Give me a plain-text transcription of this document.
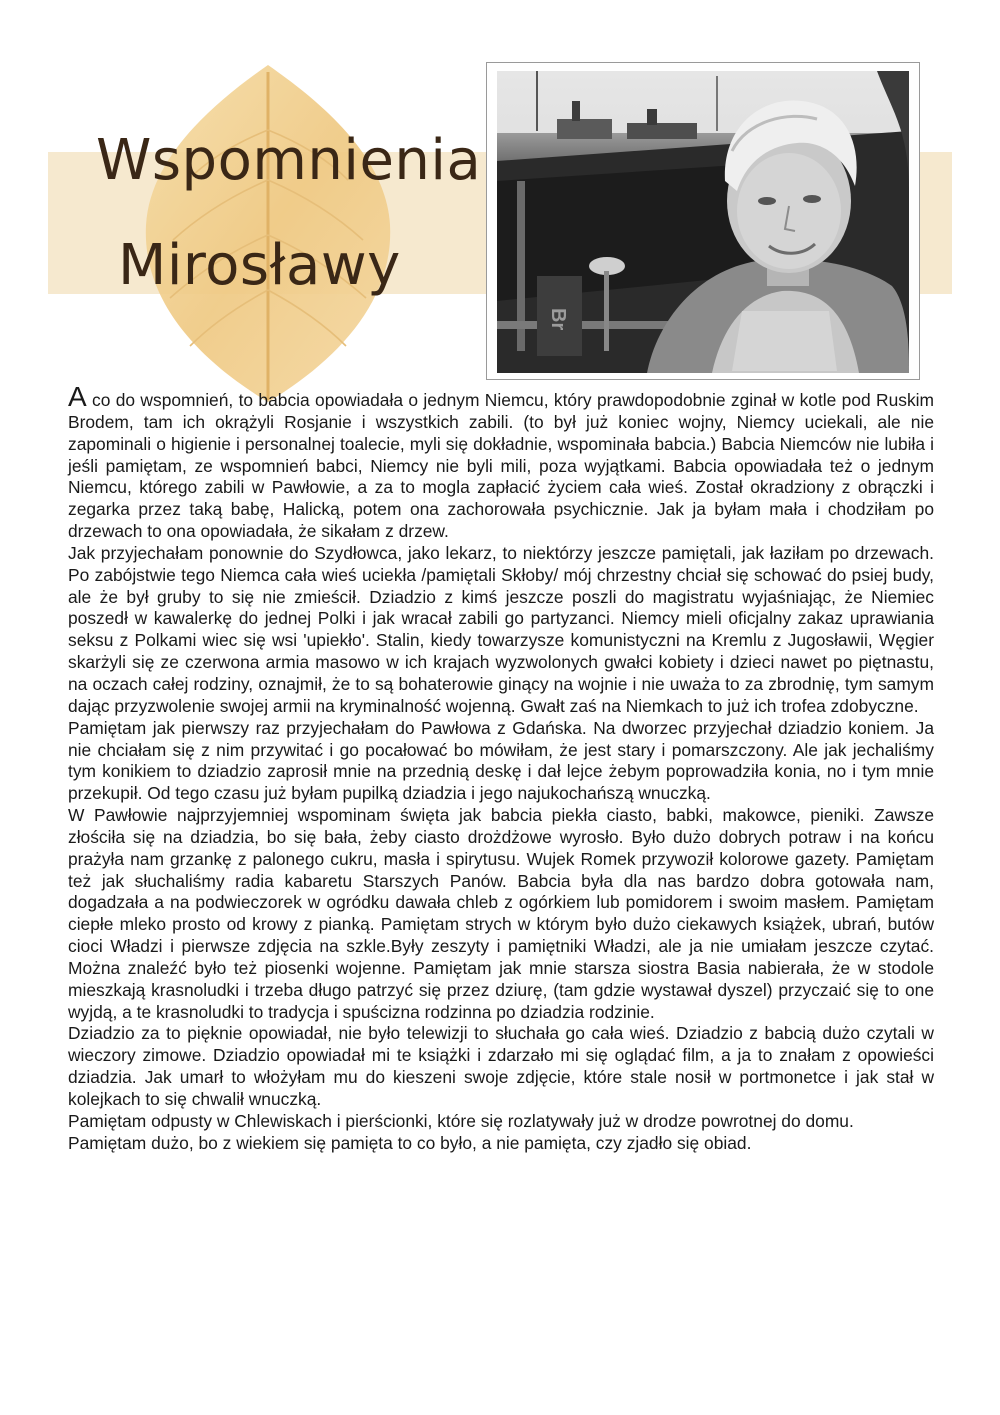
Wspomnienia
Mirosławy
Br

A co do wspomnień, to babcia opowiadała o jednym Niemcu, który prawdopodobnie zginał w kotle pod Ruskim Brodem, tam ich okrążyli Rosjanie i wszystkich zabili. (to był już koniec wojny, Niemcy uciekali, ale nie zapominali o higienie i personalnej toalecie, myli się dokładnie, wspominała babcia.) Babcia Niemców nie lubiła i jeśli pamiętam, ze wspomnień babci, Niemcy nie byli mili, poza wyjątkami. Babcia opowiadała też o jednym Niemcu, którego zabili w Pawłowie, a za to mogla zapłacić życiem cała wieś. Został okradziony z obrączki i zegarka przez taką babę, Halicką, potem ona zachorowała psychicznie. Jak ja byłam mała i chodziłam po drzewach to ona opowiadała, że sikałam z drzew.

Jak przyjechałam ponownie do Szydłowca, jako lekarz, to niektórzy jeszcze pamiętali, jak łaziłam po drzewach. Po zabójstwie tego Niemca cała wieś uciekła /pamiętali Skłoby/ mój chrzestny chciał się schować do psiej budy, ale że był gruby to się nie zmieścił. Dziadzio z kimś jeszcze poszli do magistratu wyjaśniając, że Niemiec poszedł w kawalerkę do jednej Polki i jak wracał zabili go partyzanci. Niemcy mieli oficjalny zakaz uprawiania seksu z Polkami wiec się wsi 'upiekło'. Stalin, kiedy towarzysze komunistyczni na Kremlu z Jugosławii, Węgier skarżyli się ze czerwona armia masowo w ich krajach wyzwolonych gwałci kobiety i dzieci nawet po piętnastu, na oczach całej rodziny, oznajmił, że to są bohaterowie ginący na wojnie i nie uważa to za zbrodnię, tym samym dając przyzwolenie swojej armii na kryminalność wojenną. Gwałt zaś na Niemkach to już ich trofea zdobyczne.

Pamiętam jak pierwszy raz przyjechałam do Pawłowa z Gdańska. Na dworzec przyjechał dziadzio koniem. Ja nie chciałam się z nim przywitać i go pocałować bo mówiłam, że jest stary i pomarszczony. Ale jak jechaliśmy tym konikiem to dziadzio zaprosił mnie na przednią deskę i dał lejce żebym poprowadziła konia, no i tym mnie przekupił. Od tego czasu już byłam pupilką dziadzia i jego najukochańszą wnuczką.

W Pawłowie najprzyjemniej wspominam święta jak babcia piekła ciasto, babki, makowce, pieniki. Zawsze złościła się na dziadzia, bo się bała, żeby ciasto drożdżowe wyrosło. Było dużo dobrych potraw i na końcu prażyła nam grzankę z palonego cukru, masła i spirytusu. Wujek Romek przywoził kolorowe gazety. Pamiętam też jak słuchaliśmy radia kabaretu Starszych Panów. Babcia była dla nas bardzo dobra gotowała nam, dogadzała a na podwieczorek w ogródku dawała chleb z ogórkiem lub pomidorem i swoim masłem. Pamiętam ciepłe mleko prosto od krowy z pianką. Pamiętam strych w którym było dużo ciekawych książek, ubrań, butów cioci Władzi i pierwsze zdjęcia na szkle.Były zeszyty i pamiętniki Władzi, ale ja nie umiałam jeszcze czytać. Można znaleźć było też piosenki wojenne. Pamiętam jak mnie starsza siostra Basia nabierała, że w stodole mieszkają krasnoludki i trzeba długo patrzyć się przez dziurę, (tam gdzie wystawał dyszel) przyczaić się to one wyjdą, a te krasnoludki to tradycja i spuścizna rodzinna po dziadzia rodzinie.

Dziadzio za to pięknie opowiadał, nie było telewizji to słuchała go cała wieś. Dziadzio z babcią dużo czytali w wieczory zimowe. Dziadzio opowiadał mi te książki i zdarzało mi się oglądać film, a ja to znałam z opowieści dziadzia. Jak umarł to włożyłam mu do kieszeni swoje zdjęcie, które stale nosił w portmonetce i jak stał w kolejkach to się chwalił wnuczką.

Pamiętam odpusty w Chlewiskach i pierścionki, które się rozlatywały już w drodze powrotnej do domu.

Pamiętam dużo, bo z wiekiem się pamięta to co było, a nie pamięta, czy zjadło się obiad.
